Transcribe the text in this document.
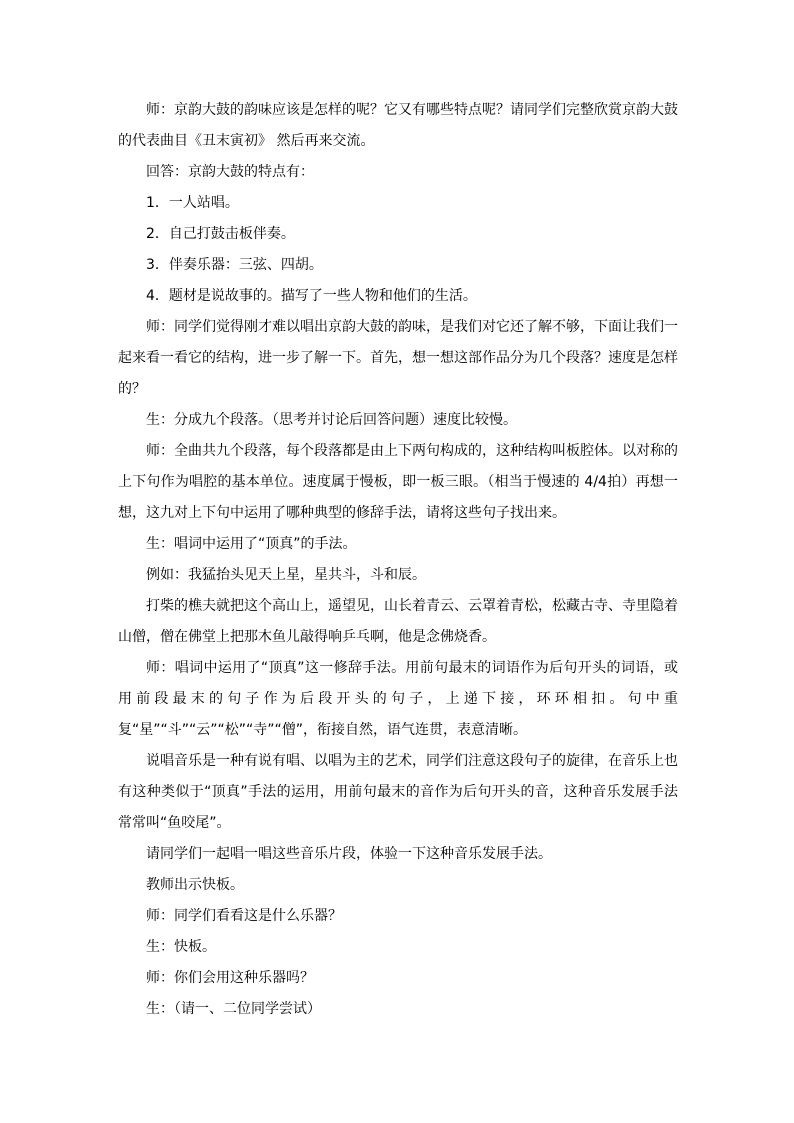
师：京韵大鼓的韵味应该是怎样的呢？它又有哪些特点呢？请同学们完整欣赏京韵大鼓的代表曲目《丑末寅初》 然后再来交流。

回答：京韵大鼓的特点有：

1．一人站唱。

2．自己打鼓击板伴奏。

3．伴奏乐器：三弦、四胡。

4．题材是说故事的。描写了一些人物和他们的生活。

师：同学们觉得刚才难以唱出京韵大鼓的韵味，是我们对它还了解不够，下面让我们一起来看一看它的结构，进一步了解一下。首先，想一想这部作品分为几个段落？速度是怎样的？

生：分成九个段落。（思考并讨论后回答问题）速度比较慢。

师：全曲共九个段落，每个段落都是由上下两句构成的，这种结构叫板腔体。以对称的上下句作为唱腔的基本单位。速度属于慢板，即一板三眼。（相当于慢速的 4/4拍）再想一想，这九对上下句中运用了哪种典型的修辞手法，请将这些句子找出来。

生：唱词中运用了“顶真”的手法。

例如：我猛抬头见天上星，星共斗，斗和辰。

打柴的樵夫就把这个高山上，遥望见，山长着青云、云罩着青松，松藏古寺、寺里隐着山僧，僧在佛堂上把那木鱼儿敲得响乒乓啊，他是念佛烧香。

师：唱词中运用了“顶真”这一修辞手法。用前句最末的词语作为后句开头的词语，或用前段最末的句子作为后段开头的句子，上递下接，环环相扣。句中重复“星”“斗”“云”“松”“寺”“僧”，衔接自然，语气连贯，表意清晰。

说唱音乐是一种有说有唱、以唱为主的艺术，同学们注意这段句子的旋律，在音乐上也有这种类似于“顶真”手法的运用，用前句最末的音作为后句开头的音，这种音乐发展手法常常叫“鱼咬尾”。

请同学们一起唱一唱这些音乐片段，体验一下这种音乐发展手法。

教师出示快板。

师：同学们看看这是什么乐器？

生：快板。

师：你们会用这种乐器吗？

生：（请一、二位同学尝试）
